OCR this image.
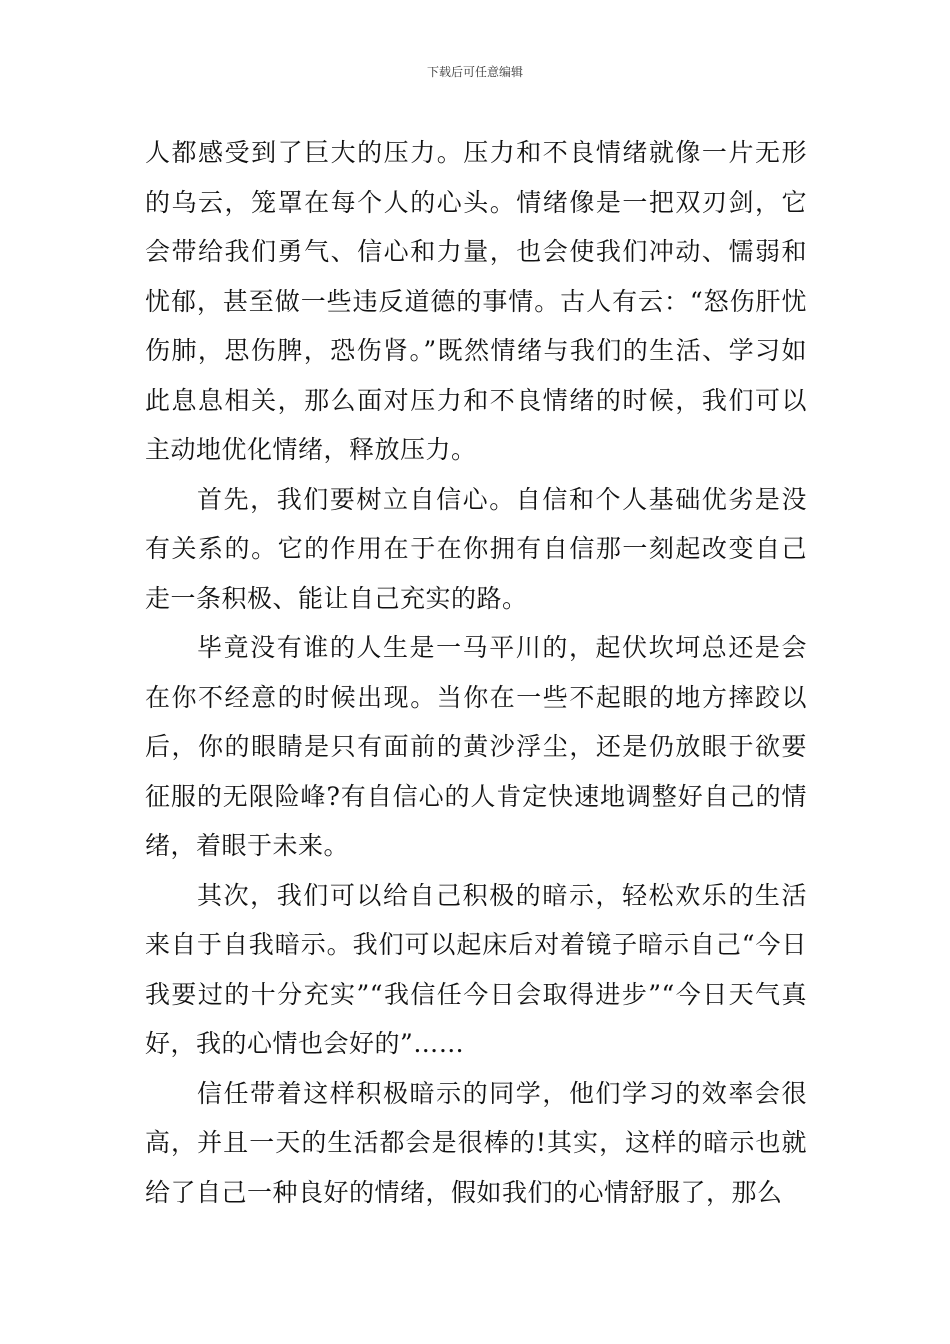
下载后可任意编辑

人都感受到了巨大的压力。压力和不良情绪就像一片无形的乌云，笼罩在每个人的心头。情绪像是一把双刃剑，它会带给我们勇气、信心和力量，也会使我们冲动、懦弱和忧郁，甚至做一些违反道德的事情。古人有云：“怒伤肝忧伤肺，思伤脾，恐伤肾。”既然情绪与我们的生活、学习如此息息相关，那么面对压力和不良情绪的时候，我们可以主动地优化情绪，释放压力。

首先，我们要树立自信心。自信和个人基础优劣是没有关系的。它的作用在于在你拥有自信那一刻起改变自己走一条积极、能让自己充实的路。

毕竟没有谁的人生是一马平川的，起伏坎坷总还是会在你不经意的时候出现。当你在一些不起眼的地方摔跤以后，你的眼睛是只有面前的黄沙浮尘，还是仍放眼于欲要征服的无限险峰?有自信心的人肯定快速地调整好自己的情绪，着眼于未来。

其次，我们可以给自己积极的暗示，轻松欢乐的生活来自于自我暗示。我们可以起床后对着镜子暗示自己“今日我要过的十分充实”“我信任今日会取得进步”“今日天气真好，我的心情也会好的”……

信任带着这样积极暗示的同学，他们学习的效率会很高，并且一天的生活都会是很棒的!其实，这样的暗示也就给了自己一种良好的情绪，假如我们的心情舒服了，那么
